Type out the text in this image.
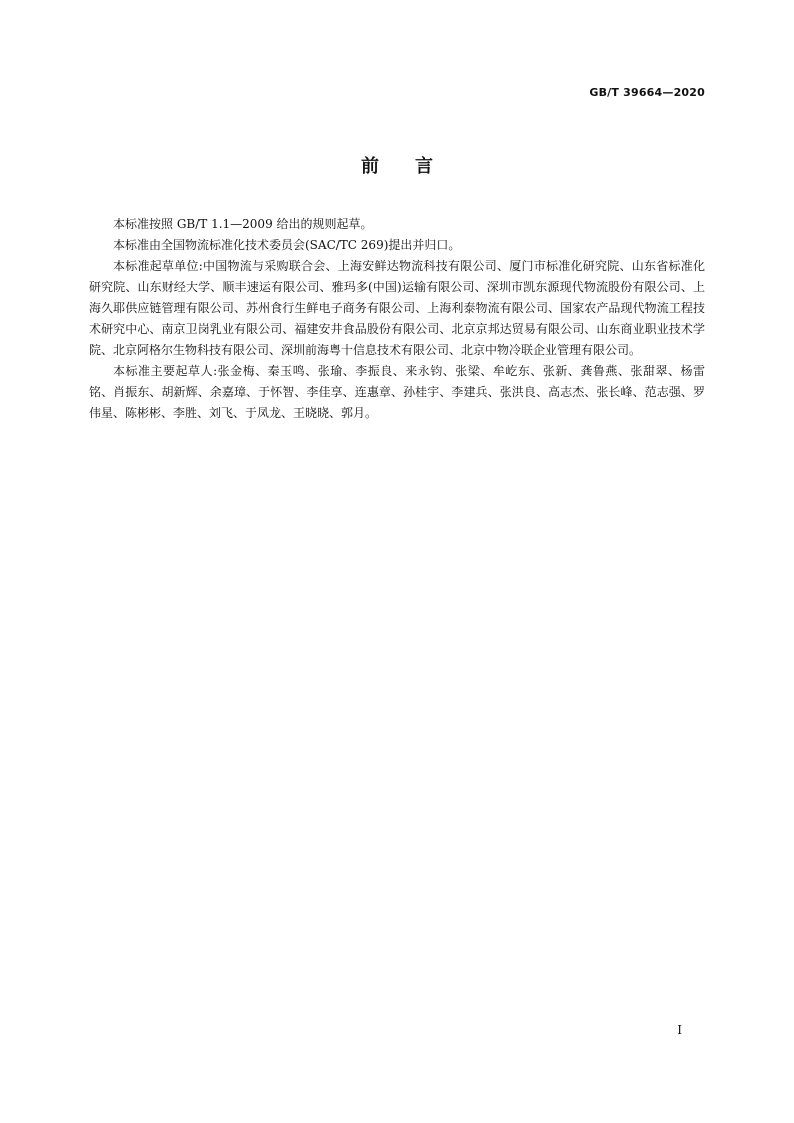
GB/T 39664—2020
前言

本标准按照 GB/T 1.1—2009 给出的规则起草。

本标准由全国物流标准化技术委员会(SAC/TC 269)提出并归口。

本标准起草单位:中国物流与采购联合会、上海安鲜达物流科技有限公司、厦门市标准化研究院、山东省标准化研究院、山东财经大学、顺丰速运有限公司、雅玛多(中国)运输有限公司、深圳市凯东源现代物流股份有限公司、上海久耶供应链管理有限公司、苏州食行生鲜电子商务有限公司、上海利泰物流有限公司、国家农产品现代物流工程技术研究中心、南京卫岗乳业有限公司、福建安井食品股份有限公司、北京京邦达贸易有限公司、山东商业职业技术学院、北京阿格尔生物科技有限公司、深圳前海粤十信息技术有限公司、北京中物冷联企业管理有限公司。

本标准主要起草人:张金梅、秦玉鸣、张瑜、李振良、来永钧、张梁、牟屹东、张新、龚鲁燕、张甜翠、杨雷铭、肖振东、胡新辉、余嘉璋、于怀智、李佳享、连惠章、孙桂宇、李建兵、张洪良、高志杰、张长峰、范志强、罗伟星、陈彬彬、李胜、刘飞、于凤龙、王晓晓、郭月。

I
